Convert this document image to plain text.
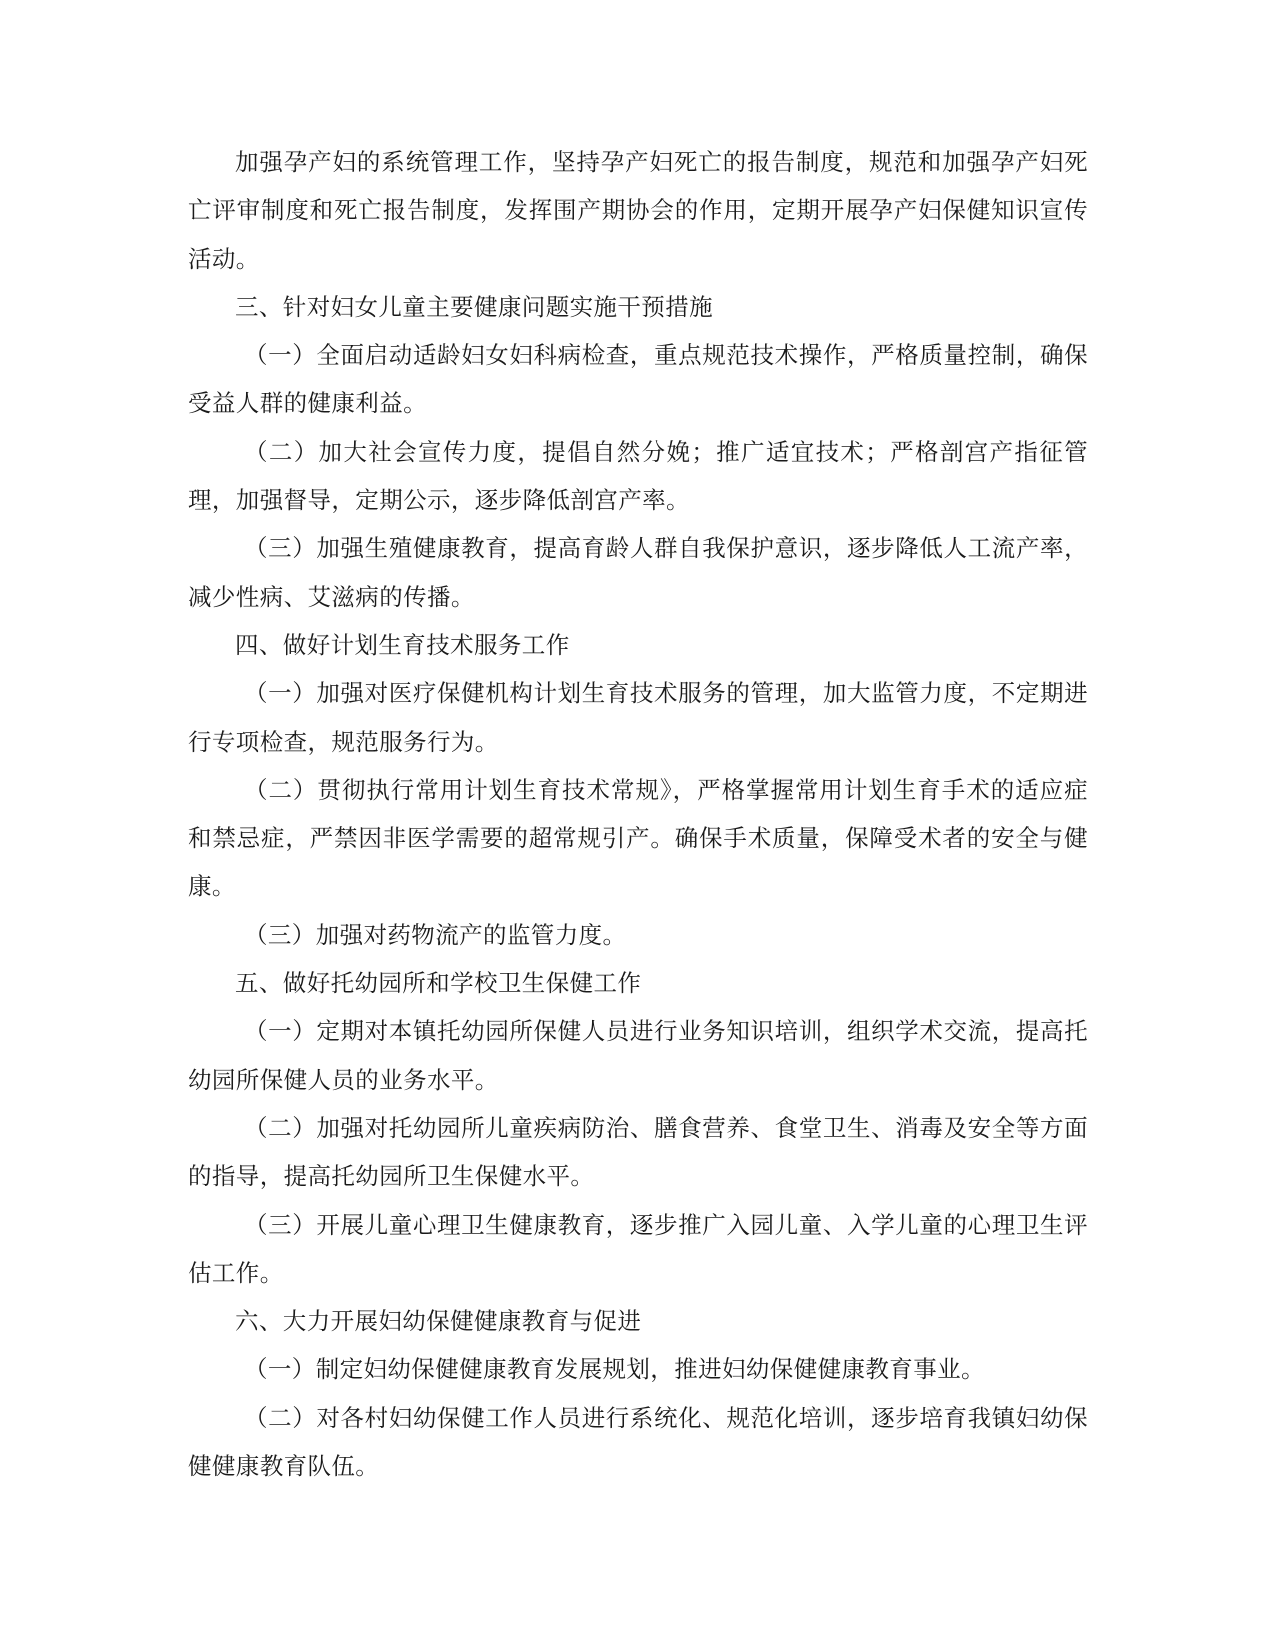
加强孕产妇的系统管理工作，坚持孕产妇死亡的报告制度，规范和加强孕产妇死亡评审制度和死亡报告制度，发挥围产期协会的作用，定期开展孕产妇保健知识宣传活动。

三、针对妇女儿童主要健康问题实施干预措施

（一）全面启动适龄妇女妇科病检查，重点规范技术操作，严格质量控制，确保受益人群的健康利益。

（二）加大社会宣传力度，提倡自然分娩；推广适宜技术；严格剖宫产指征管理，加强督导，定期公示，逐步降低剖宫产率。

（三）加强生殖健康教育，提高育龄人群自我保护意识，逐步降低人工流产率，减少性病、艾滋病的传播。

四、做好计划生育技术服务工作

（一）加强对医疗保健机构计划生育技术服务的管理，加大监管力度，不定期进行专项检查，规范服务行为。

（二）贯彻执行常用计划生育技术常规》，严格掌握常用计划生育手术的适应症和禁忌症，严禁因非医学需要的超常规引产。确保手术质量，保障受术者的安全与健康。

（三）加强对药物流产的监管力度。

五、做好托幼园所和学校卫生保健工作

（一）定期对本镇托幼园所保健人员进行业务知识培训，组织学术交流，提高托幼园所保健人员的业务水平。

（二）加强对托幼园所儿童疾病防治、膳食营养、食堂卫生、消毒及安全等方面的指导，提高托幼园所卫生保健水平。

（三）开展儿童心理卫生健康教育，逐步推广入园儿童、入学儿童的心理卫生评估工作。

六、大力开展妇幼保健健康教育与促进

（一）制定妇幼保健健康教育发展规划，推进妇幼保健健康教育事业。

（二）对各村妇幼保健工作人员进行系统化、规范化培训，逐步培育我镇妇幼保健健康教育队伍。
